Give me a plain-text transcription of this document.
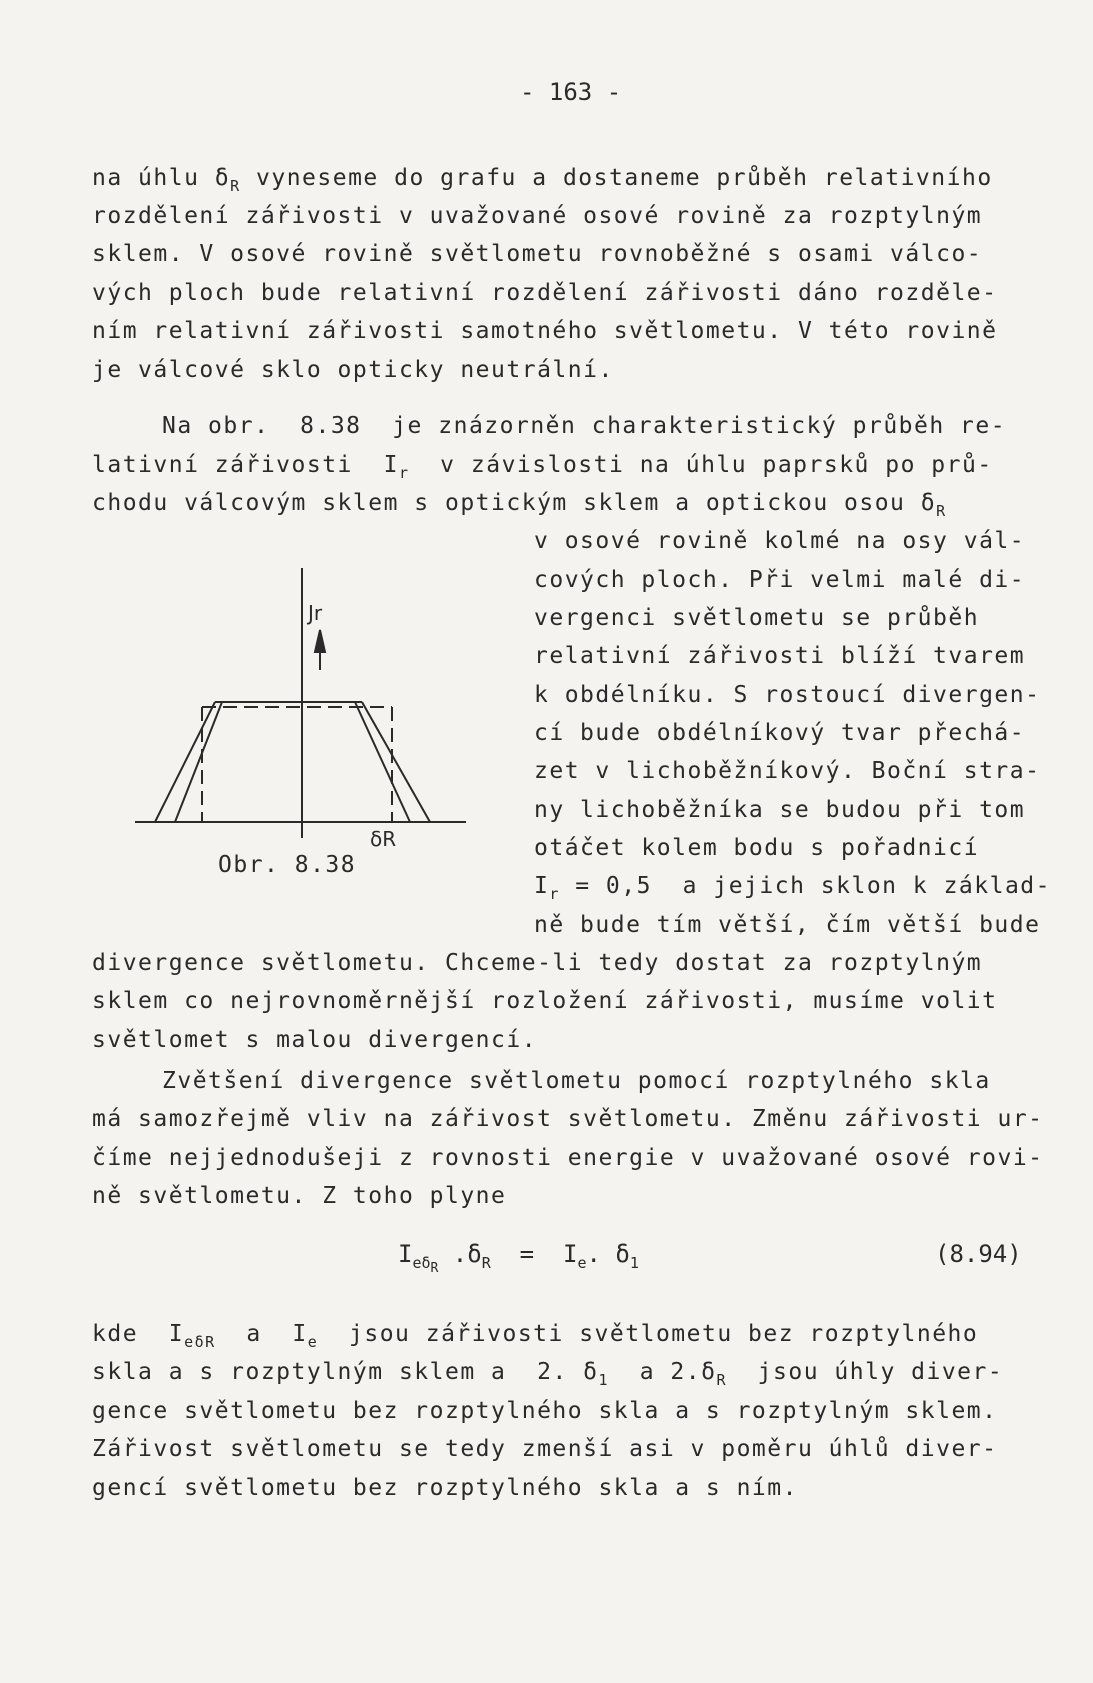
- 163 -
na úhlu $\delta_R$ vyneseme do grafu a dostaneme průběh relativního
rozdělení zářivosti v uvažované osové rovině za rozptylným
sklem. V osové rovině světlometu rovnoběžné s osami válco-
vých ploch bude relativní rozdělení zářivosti dáno rozděle-
ním relativní zářivosti samotného světlometu. V této rovině
je válcové sklo opticky neutrální.
Na obr.  8.38  je znázorněn charakteristický průběh re-
lativní zářivosti  $I_r$  v závislosti na úhlu paprsků po prů-
chodu válcovým sklem s optickým sklem a optickou osou $\delta_R$
v osové rovině kolmé na osy vál-
cových ploch. Při velmi malé di-
vergenci světlometu se průběh
relativní zářivosti blíží tvarem
k obdélníku. S rostoucí divergen-
cí bude obdélníkový tvar přechá-
zet v lichoběžníkový. Boční stra-
ny lichoběžníka se budou při tom
otáčet kolem bodu s pořadnicí
$I_r = 0,5$  a jejich sklon k základ-
ně bude tím větší, čím větší bude
divergence světlometu. Chceme-li tedy dostat za rozptylným
sklem co nejrovnoměrnější rozložení zářivosti, musíme volit
světlomet s malou divergencí.
Jr
δR
Obr. 8.38
Zvětšení divergence světlometu pomocí rozptylného skla
má samozřejmě vliv na zářivost světlometu. Změnu zářivosti ur-
číme nejjednodušeji z rovnosti energie v uvažované osové rovi-
ně světlometu. Z toho plyne
$I_{e\delta R}$ $.\delta_R = I_e$. $\delta_1$	(8.94)
kde  $I_{e\delta R}$  a  $I_e$  jsou zářivosti světlometu bez rozptylného
skla a s rozptylným sklem a  2. $\delta_1$  a $2.\delta_R$  jsou úhly diver-
gence světlometu bez rozptylného skla a s rozptylným sklem.
Zářivost světlometu se tedy zmenší asi v poměru úhlů diver-
gencí světlometu bez rozptylného skla a s ním.
